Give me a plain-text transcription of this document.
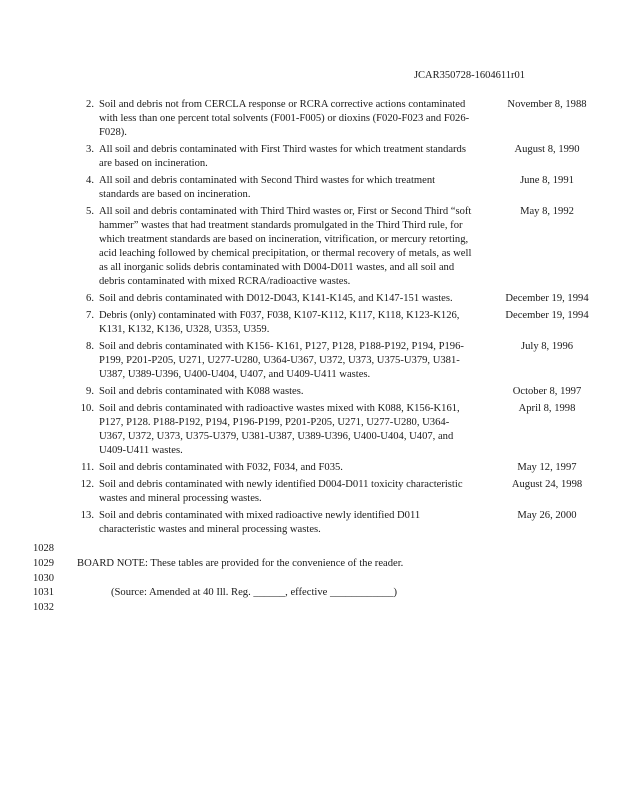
JCAR350728-1604611r01
2. Soil and debris not from CERCLA response or RCRA corrective actions contaminated with less than one percent total solvents (F001-F005) or dioxins (F020-F023 and F026-F028).
November 8, 1988
3. All soil and debris contaminated with First Third wastes for which treatment standards are based on incineration.
August 8, 1990
4. All soil and debris contaminated with Second Third wastes for which treatment standards are based on incineration.
June 8, 1991
5. All soil and debris contaminated with Third Third wastes or, First or Second Third “soft hammer” wastes that had treatment standards promulgated in the Third Third rule, for which treatment standards are based on incineration, vitrification, or mercury retorting, acid leaching followed by chemical precipitation, or thermal recovery of metals, as well as all inorganic solids debris contaminated with D004-D011 wastes, and all soil and debris contaminated with mixed RCRA/radioactive wastes.
May 8, 1992
6. Soil and debris contaminated with D012-D043, K141-K145, and K147-151 wastes.	December 19, 1994
7. Debris (only) contaminated with F037, F038, K107-K112, K117, K118, K123-K126, K131, K132, K136, U328, U353, U359.
December 19, 1994
8. Soil and debris contaminated with K156- K161, P127, P128, P188-P192, P194, P196- P199, P201-P205, U271, U277-U280, U364-U367, U372, U373, U375-U379, U381-U387, U389-U396, U400-U404, U407, and U409-U411 wastes.
July 8, 1996
9. Soil and debris contaminated with K088 wastes.	October 8, 1997
10. Soil and debris contaminated with radioactive wastes mixed with K088, K156-K161, P127, P128. P188-P192, P194, P196-P199, P201-P205, U271, U277-U280, U364-U367, U372, U373, U375-U379, U381-U387, U389-U396, U400-U404, U407, and U409-U411 wastes.
April 8, 1998
11. Soil and debris contaminated with F032, F034, and F035.	May 12, 1997
12. Soil and debris contaminated with newly identified D004-D011 toxicity characteristic wastes and mineral processing wastes.
August 24, 1998
13. Soil and debris contaminated with mixed radioactive newly identified D011 characteristic wastes and mineral processing wastes.
May 26, 2000
1028
1029
1030
1031
1032
BOARD NOTE: These tables are provided for the convenience of the reader.
(Source: Amended at 40 Ill. Reg. ______, effective ____________)
